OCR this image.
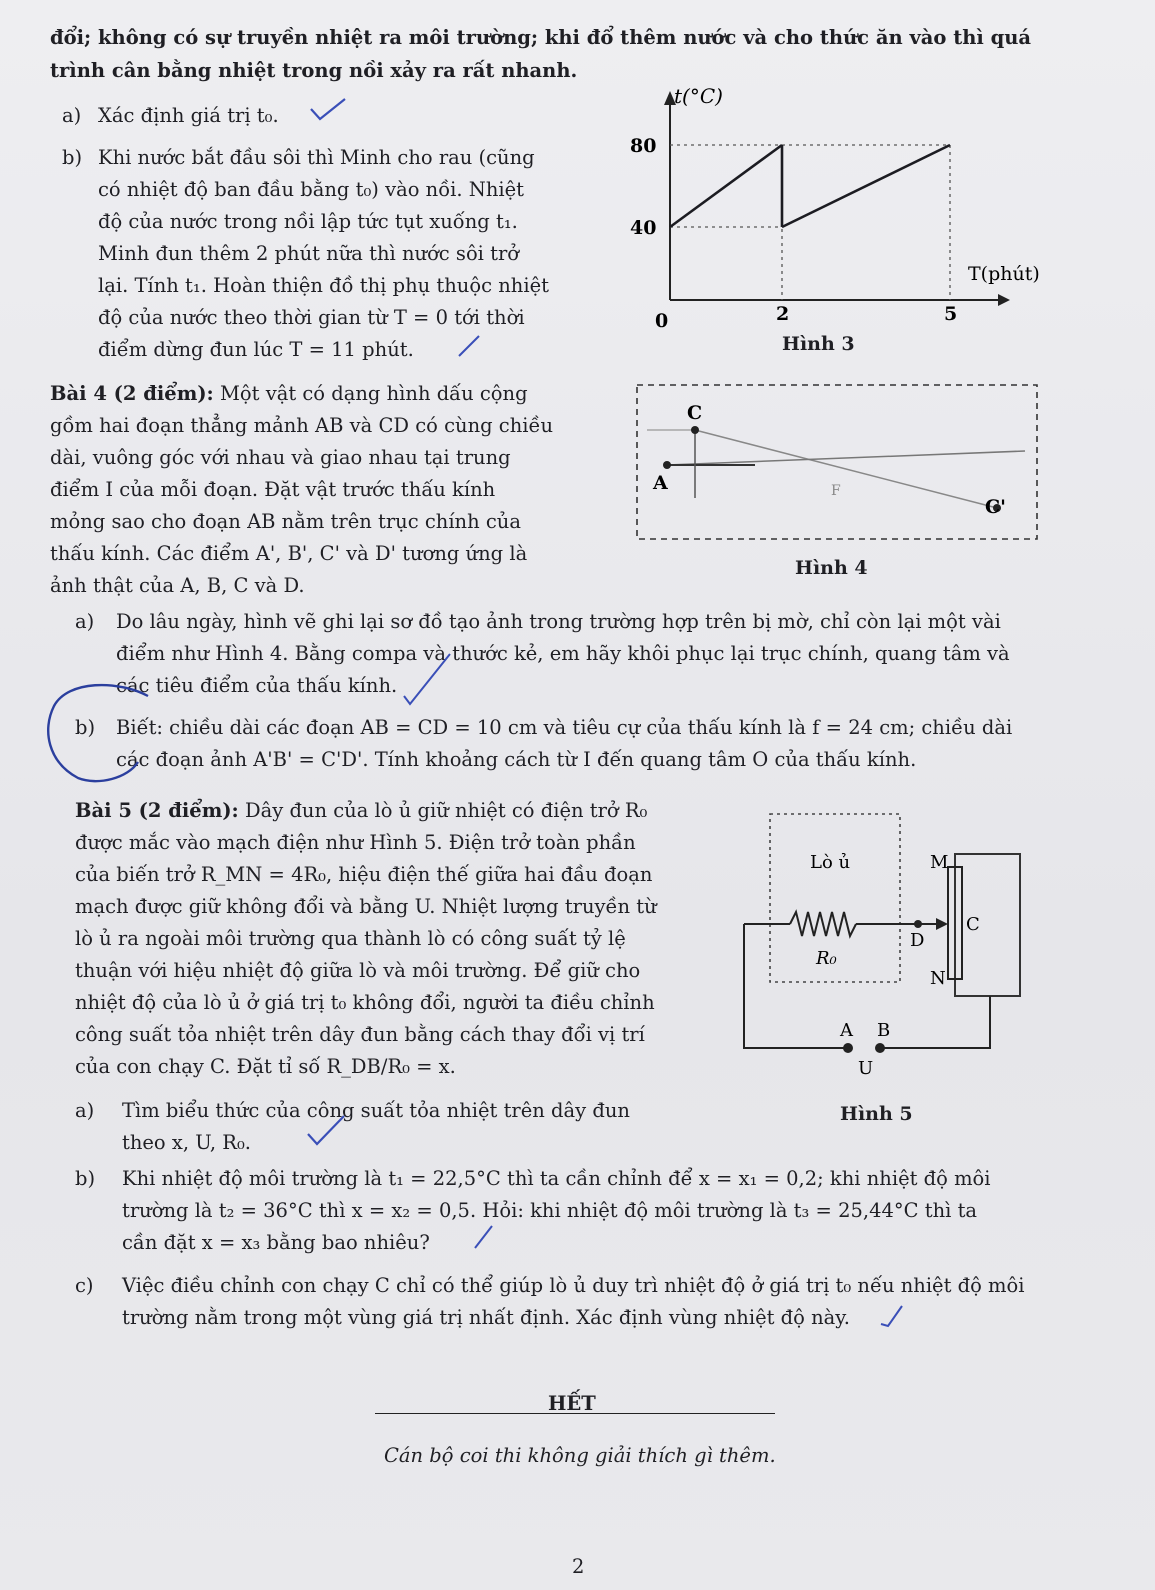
đổi; không có sự truyền nhiệt ra môi trường; khi đổ thêm nước và cho thức ăn vào thì quá
trình cân bằng nhiệt trong nồi xảy ra rất nhanh.
a) Xác định giá trị t₀.
b) Khi nước bắt đầu sôi thì Minh cho rau (cũng
có nhiệt độ ban đầu bằng t₀) vào nồi. Nhiệt
độ của nước trong nồi lập tức tụt xuống t₁.
Minh đun thêm 2 phút nữa thì nước sôi trở
lại. Tính t₁. Hoàn thiện đồ thị phụ thuộc nhiệt
độ của nước theo thời gian từ T = 0 tới thời
điểm dừng đun lúc T = 11 phút.
t(°C)
T(phút)
80
40
0	2	5
Hình 3
Bài 4 (2 điểm): Một vật có dạng hình dấu cộng
gồm hai đoạn thẳng mảnh AB và CD có cùng chiều
dài, vuông góc với nhau và giao nhau tại trung
điểm I của mỗi đoạn. Đặt vật trước thấu kính
mỏng sao cho đoạn AB nằm trên trục chính của
thấu kính. Các điểm A', B', C' và D' tương ứng là
ảnh thật của A, B, C và D.
C
A	F
C'
Hình 4
a) Do lâu ngày, hình vẽ ghi lại sơ đồ tạo ảnh trong trường hợp trên bị mờ, chỉ còn lại một vài
điểm như Hình 4. Bằng compa và thước kẻ, em hãy khôi phục lại trục chính, quang tâm và
các tiêu điểm của thấu kính.
b) Biết: chiều dài các đoạn AB = CD = 10 cm và tiêu cự của thấu kính là f = 24 cm; chiều dài
các đoạn ảnh A'B' = C'D'. Tính khoảng cách từ I đến quang tâm O của thấu kính.
Bài 5 (2 điểm): Dây đun của lò ủ giữ nhiệt có điện trở R₀
được mắc vào mạch điện như Hình 5. Điện trở toàn phần
của biến trở R_MN = 4R₀, hiệu điện thế giữa hai đầu đoạn
mạch được giữ không đổi và bằng U. Nhiệt lượng truyền từ
lò ủ ra ngoài môi trường qua thành lò có công suất tỷ lệ
thuận với hiệu nhiệt độ giữa lò và môi trường. Để giữ cho
nhiệt độ của lò ủ ở giá trị t₀ không đổi, người ta điều chỉnh
công suất tỏa nhiệt trên dây đun bằng cách thay đổi vị trí
của con chạy C. Đặt tỉ số R_DB/R₀ = x.
Lò ủ
R₀
M
N
C
D
A B
U
Hình 5
a) Tìm biểu thức của công suất tỏa nhiệt trên dây đun
theo x, U, R₀.
b) Khi nhiệt độ môi trường là t₁ = 22,5°C thì ta cần chỉnh để x = x₁ = 0,2; khi nhiệt độ môi
trường là t₂ = 36°C thì x = x₂ = 0,5. Hỏi: khi nhiệt độ môi trường là t₃ = 25,44°C thì ta
cần đặt x = x₃ bằng bao nhiêu?
c) Việc điều chỉnh con chạy C chỉ có thể giúp lò ủ duy trì nhiệt độ ở giá trị t₀ nếu nhiệt độ môi
trường nằm trong một vùng giá trị nhất định. Xác định vùng nhiệt độ này.
HẾT
Cán bộ coi thi không giải thích gì thêm.
2
